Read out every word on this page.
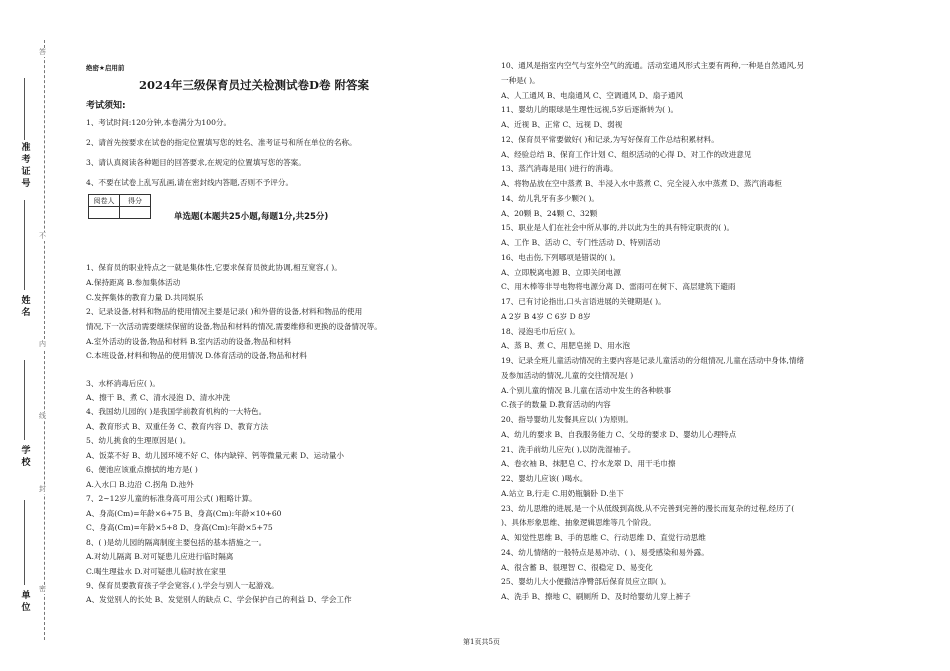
答
不
内
线
封
密
准考证号
姓名
学校
单位
绝密★启用前
2024年三级保育员过关检测试卷D卷 附答案
考试须知:
1、考试时间:120分钟,本卷满分为100分。
2、请首先按要求在试卷的指定位置填写您的姓名、准考证号和所在单位的名称。
3、请认真阅读各种题目的回答要求,在规定的位置填写您的答案。
4、不要在试卷上乱写乱画,请在密封线内答题,否则不予评分。
阅卷人	得分

单选题(本题共25小题,每题1分,共25分)
1、保育员的职业特点之一就是集体性,它要求保育员彼此协调,相互宽容,( )。
A.保持距离 B.参加集体活动
C.发挥集体的教育力量 D.共同娱乐
2、记录设备,材料和物品的使用情况主要是记录( )和外借的设备,材料和物品的使用
情况,下一次活动需要继续保留的设备,物品和材料的情况,需要维修和更换的设备情况等。
A.室外活动的设备,物品和材料 B.室内活动的设备,物品和材料
C.本班设备,材料和物品的使用情况 D.体育活动的设备,物品和材料
3、水杯消毒后应( )。
A、擦干 B、煮 C、清水浸泡 D、清水冲洗
4、我国幼儿园的( )是我国学前教育机构的一大特色。
A、教育形式 B、双重任务 C、教育内容 D、教育方法
5、幼儿挑食的生理原因是( )。
A、饭菜不好 B、幼儿园环境不好 C、体内缺锌、钙等微量元素 D、运动量小
6、便池应该重点擦拭的地方是( )
A.入水口 B.边沿 C.拐角 D.池外
7、2~12岁儿童的标准身高可用公式( )粗略计算。
A、身高(Cm)=年龄×6+75 B、身高(Cm):年龄×10+60
C、身高(Cm)=年龄×5+8 D、身高(Cm):年龄×5+75
8、( )是幼儿园的隔离制度主要包括的基本措施之一。
A.对幼儿隔离 B.对可疑患儿应进行临时隔离
C.喝生理盐水 D.对可疑患儿临时放在家里
9、保育员要教育孩子学会宽容,( ),学会与别人一起游戏。
A、发觉别人的长处 B、发觉别人的缺点 C、学会保护自己的利益 D、学会工作
10、通风是指室内空气与室外空气的流通。活动室通风形式主要有两种,一种是自然通风,另
一种是( )。
A、人工通风 B、电扇通风 C、空调通风 D、扇子通风
11、婴幼儿的眼球是生理性远视,5岁后逐渐转为( )。
A、近视 B、正常 C、远视 D、弱视
12、保育员平常要做好( )和记录,为写好保育工作总结积累材料。
A、经验总结 B、保育工作计划 C、组织活动的心得 D、对工作的改进意见
13、蒸汽消毒是用( )进行的消毒。
A、将物品放在空中蒸煮 B、半浸入水中蒸煮 C、完全浸入水中蒸煮 D、蒸汽消毒柜
14、幼儿乳牙有多少颗?( )。
A、20颗 B、24颗 C、32颗
15、职业是人们在社会中所从事的,并以此为生的具有特定职责的( )。
A、工作 B、活动 C、专门性活动 D、特别活动
16、电击伤,下列哪项是错误的( )。
A、立即脱离电源 B、立即关闭电源
C、用木棒等非导电物将电源分离 D、雷雨可在树下、高层建筑下避雨
17、已有讨论指出,口头言语进展的关键期是( )。
A 2岁 B 4岁 C 6岁 D 8岁
18、浸泡毛巾后应( )。
A、蒸 B、煮 C、用肥皂搓 D、用水泡
19、记录全班儿童活动情况的主要内容是记录儿童活动的分组情况,儿童在活动中身体,情绪
及参加活动的情况,儿童的交往情况是( )
A.个别儿童的情况 B.儿童在活动中发生的各种轶事
C.孩子的数量 D.教育活动的内容
20、指导婴幼儿发餐具应以( )为原则。
A、幼儿的要求 B、自我服务能力 C、父母的要求 D、婴幼儿心理特点
21、洗手前幼儿应先( ),以防洗湿袖子。
A、卷衣袖 B、抹肥皂 C、拧水龙翠 D、用干毛巾擦
22、婴幼儿应该( )喝水。
A.站立 B,行走 C.用奶瓶躺卧 D.坐下
23、幼儿思维的进展,是一个从低级到高级,从不完善到完善的漫长而复杂的过程,经历了(
)、具体形象思维、抽象逻辑思维等几个阶段。
A、知觉性思维 B、手的思维 C、行动思维 D、直觉行动思维
24、幼儿情绪的一般特点是易冲动、( )、易受感染和易外露。
A、很含蓄 B、很理智 C、很稳定 D、易变化
25、婴幼儿大小便撒洁净臀部后保育员应立即( )。
A、洗手 B、擦地 C、刷厕所 D、及时给婴幼儿穿上裤子
第1页共5页
